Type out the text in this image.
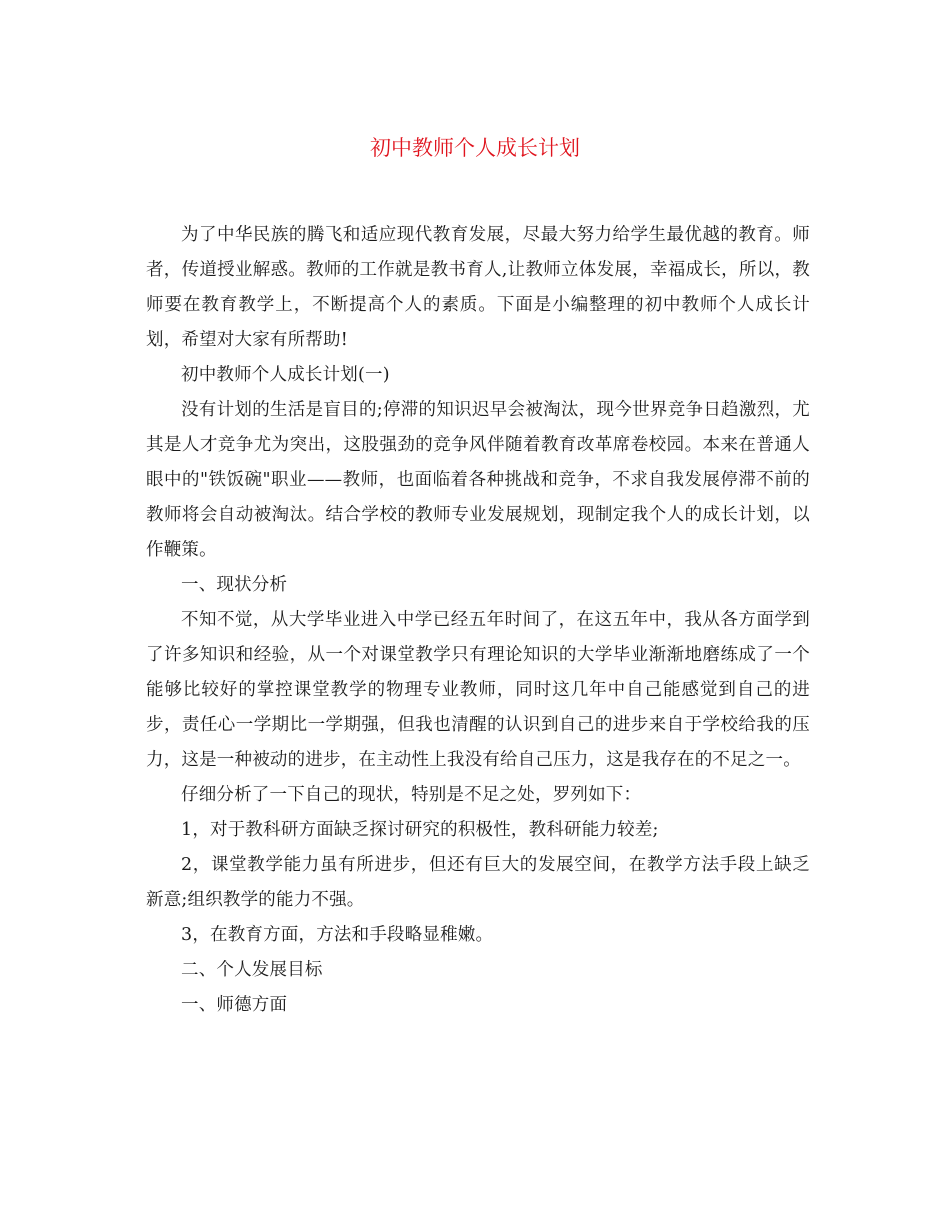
初中教师个人成长计划

为了中华民族的腾飞和适应现代教育发展，尽最大努力给学生最优越的教育。师者，传道授业解惑。教师的工作就是教书育人,让教师立体发展，幸福成长，所以，教师要在教育教学上，不断提高个人的素质。下面是小编整理的初中教师个人成长计划，希望对大家有所帮助!

初中教师个人成长计划(一)

没有计划的生活是盲目的;停滞的知识迟早会被淘汰，现今世界竞争日趋激烈，尤其是人才竞争尤为突出，这股强劲的竞争风伴随着教育改革席卷校园。本来在普通人眼中的"铁饭碗"职业——教师，也面临着各种挑战和竞争，不求自我发展停滞不前的教师将会自动被淘汰。结合学校的教师专业发展规划，现制定我个人的成长计划，以作鞭策。

一、现状分析

不知不觉，从大学毕业进入中学已经五年时间了，在这五年中，我从各方面学到了许多知识和经验，从一个对课堂教学只有理论知识的大学毕业渐渐地磨练成了一个能够比较好的掌控课堂教学的物理专业教师，同时这几年中自己能感觉到自己的进步，责任心一学期比一学期强，但我也清醒的认识到自己的进步来自于学校给我的压力，这是一种被动的进步，在主动性上我没有给自己压力，这是我存在的不足之一。

仔细分析了一下自己的现状，特别是不足之处，罗列如下：

1，对于教科研方面缺乏探讨研究的积极性，教科研能力较差;

2，课堂教学能力虽有所进步，但还有巨大的发展空间，在教学方法手段上缺乏新意;组织教学的能力不强。

3，在教育方面，方法和手段略显稚嫩。

二、个人发展目标

一、师德方面
